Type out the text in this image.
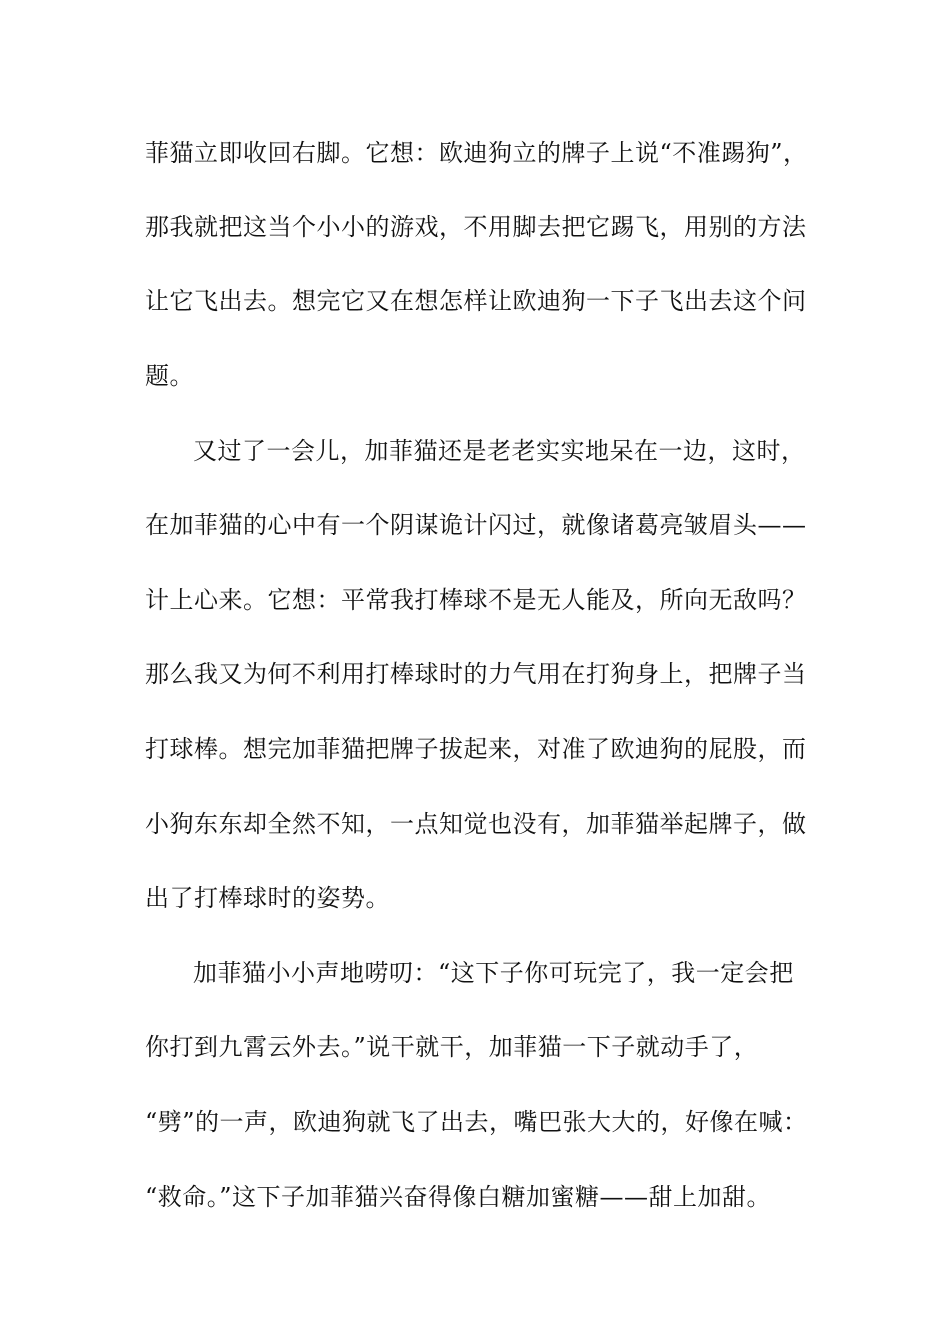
菲猫立即收回右脚。它想：欧迪狗立的牌子上说“不准踢狗”，
那我就把这当个小小的游戏，不用脚去把它踢飞，用别的方法
让它飞出去。想完它又在想怎样让欧迪狗一下子飞出去这个问
题。
又过了一会儿，加菲猫还是老老实实地呆在一边，这时，
在加菲猫的心中有一个阴谋诡计闪过，就像诸葛亮皱眉头——
计上心来。它想：平常我打棒球不是无人能及，所向无敌吗？
那么我又为何不利用打棒球时的力气用在打狗身上，把牌子当
打球棒。想完加菲猫把牌子拔起来，对准了欧迪狗的屁股，而
小狗东东却全然不知，一点知觉也没有，加菲猫举起牌子，做
出了打棒球时的姿势。
加菲猫小小声地唠叨：“这下子你可玩完了，我一定会把
你打到九霄云外去。”说干就干，加菲猫一下子就动手了，
“劈”的一声，欧迪狗就飞了出去，嘴巴张大大的，好像在喊：
“救命。”这下子加菲猫兴奋得像白糖加蜜糖——甜上加甜。
